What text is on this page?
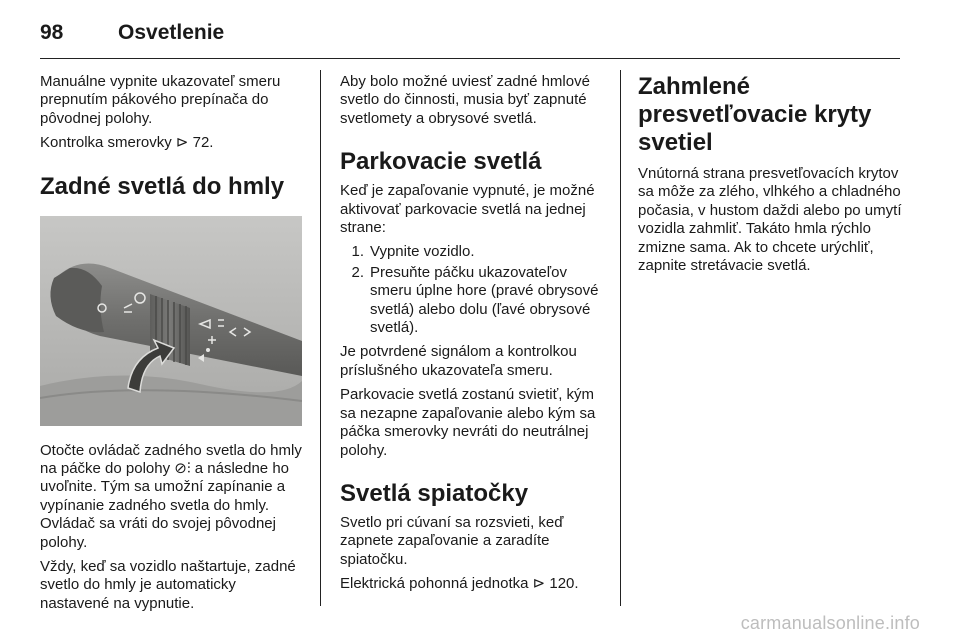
98	Osvetlenie

Manuálne vypnite ukazovateľ smeru prepnutím pákového prepínača do pôvodnej polohy.

Kontrolka smerovky ⊳ 72.

Zadné svetlá do hmly

Otočte ovládač zadného svetla do hmly na páčke do polohy ⊘⫶ a následne ho uvoľnite. Tým sa umožní zapínanie a vypínanie zadného svetla do hmly. Ovládač sa vráti do svojej pôvodnej polohy.

Vždy, keď sa vozidlo naštartuje, zadné svetlo do hmly je automaticky nastavené na vypnutie.

Aby bolo možné uviesť zadné hmlové svetlo do činnosti, musia byť zapnuté svetlomety a obrysové svetlá.

Parkovacie svetlá

Keď je zapaľovanie vypnuté, je možné aktivovať parkovacie svetlá na jednej strane:

1. Vypnite vozidlo.
2. Presuňte páčku ukazovateľov smeru úplne hore (pravé obrysové svetlá) alebo dolu (ľavé obrysové svetlá).

Je potvrdené signálom a kontrolkou príslušného ukazovateľa smeru.

Parkovacie svetlá zostanú svietiť, kým sa nezapne zapaľovanie alebo kým sa páčka smerovky nevráti do neutrálnej polohy.

Svetlá spiatočky

Svetlo pri cúvaní sa rozsvieti, keď zapnete zapaľovanie a zaradíte spiatočku.

Elektrická pohonná jednotka ⊳ 120.

Zahmlené presvetľovacie kryty svetiel

Vnútorná strana presvetľovacích krytov sa môže za zlého, vlhkého a chladného počasia, v hustom daždi alebo po umytí vozidla zahmliť. Takáto hmla rýchlo zmizne sama. Ak to chcete urýchliť, zapnite stretávacie svetlá.

carmanualsonline.info
